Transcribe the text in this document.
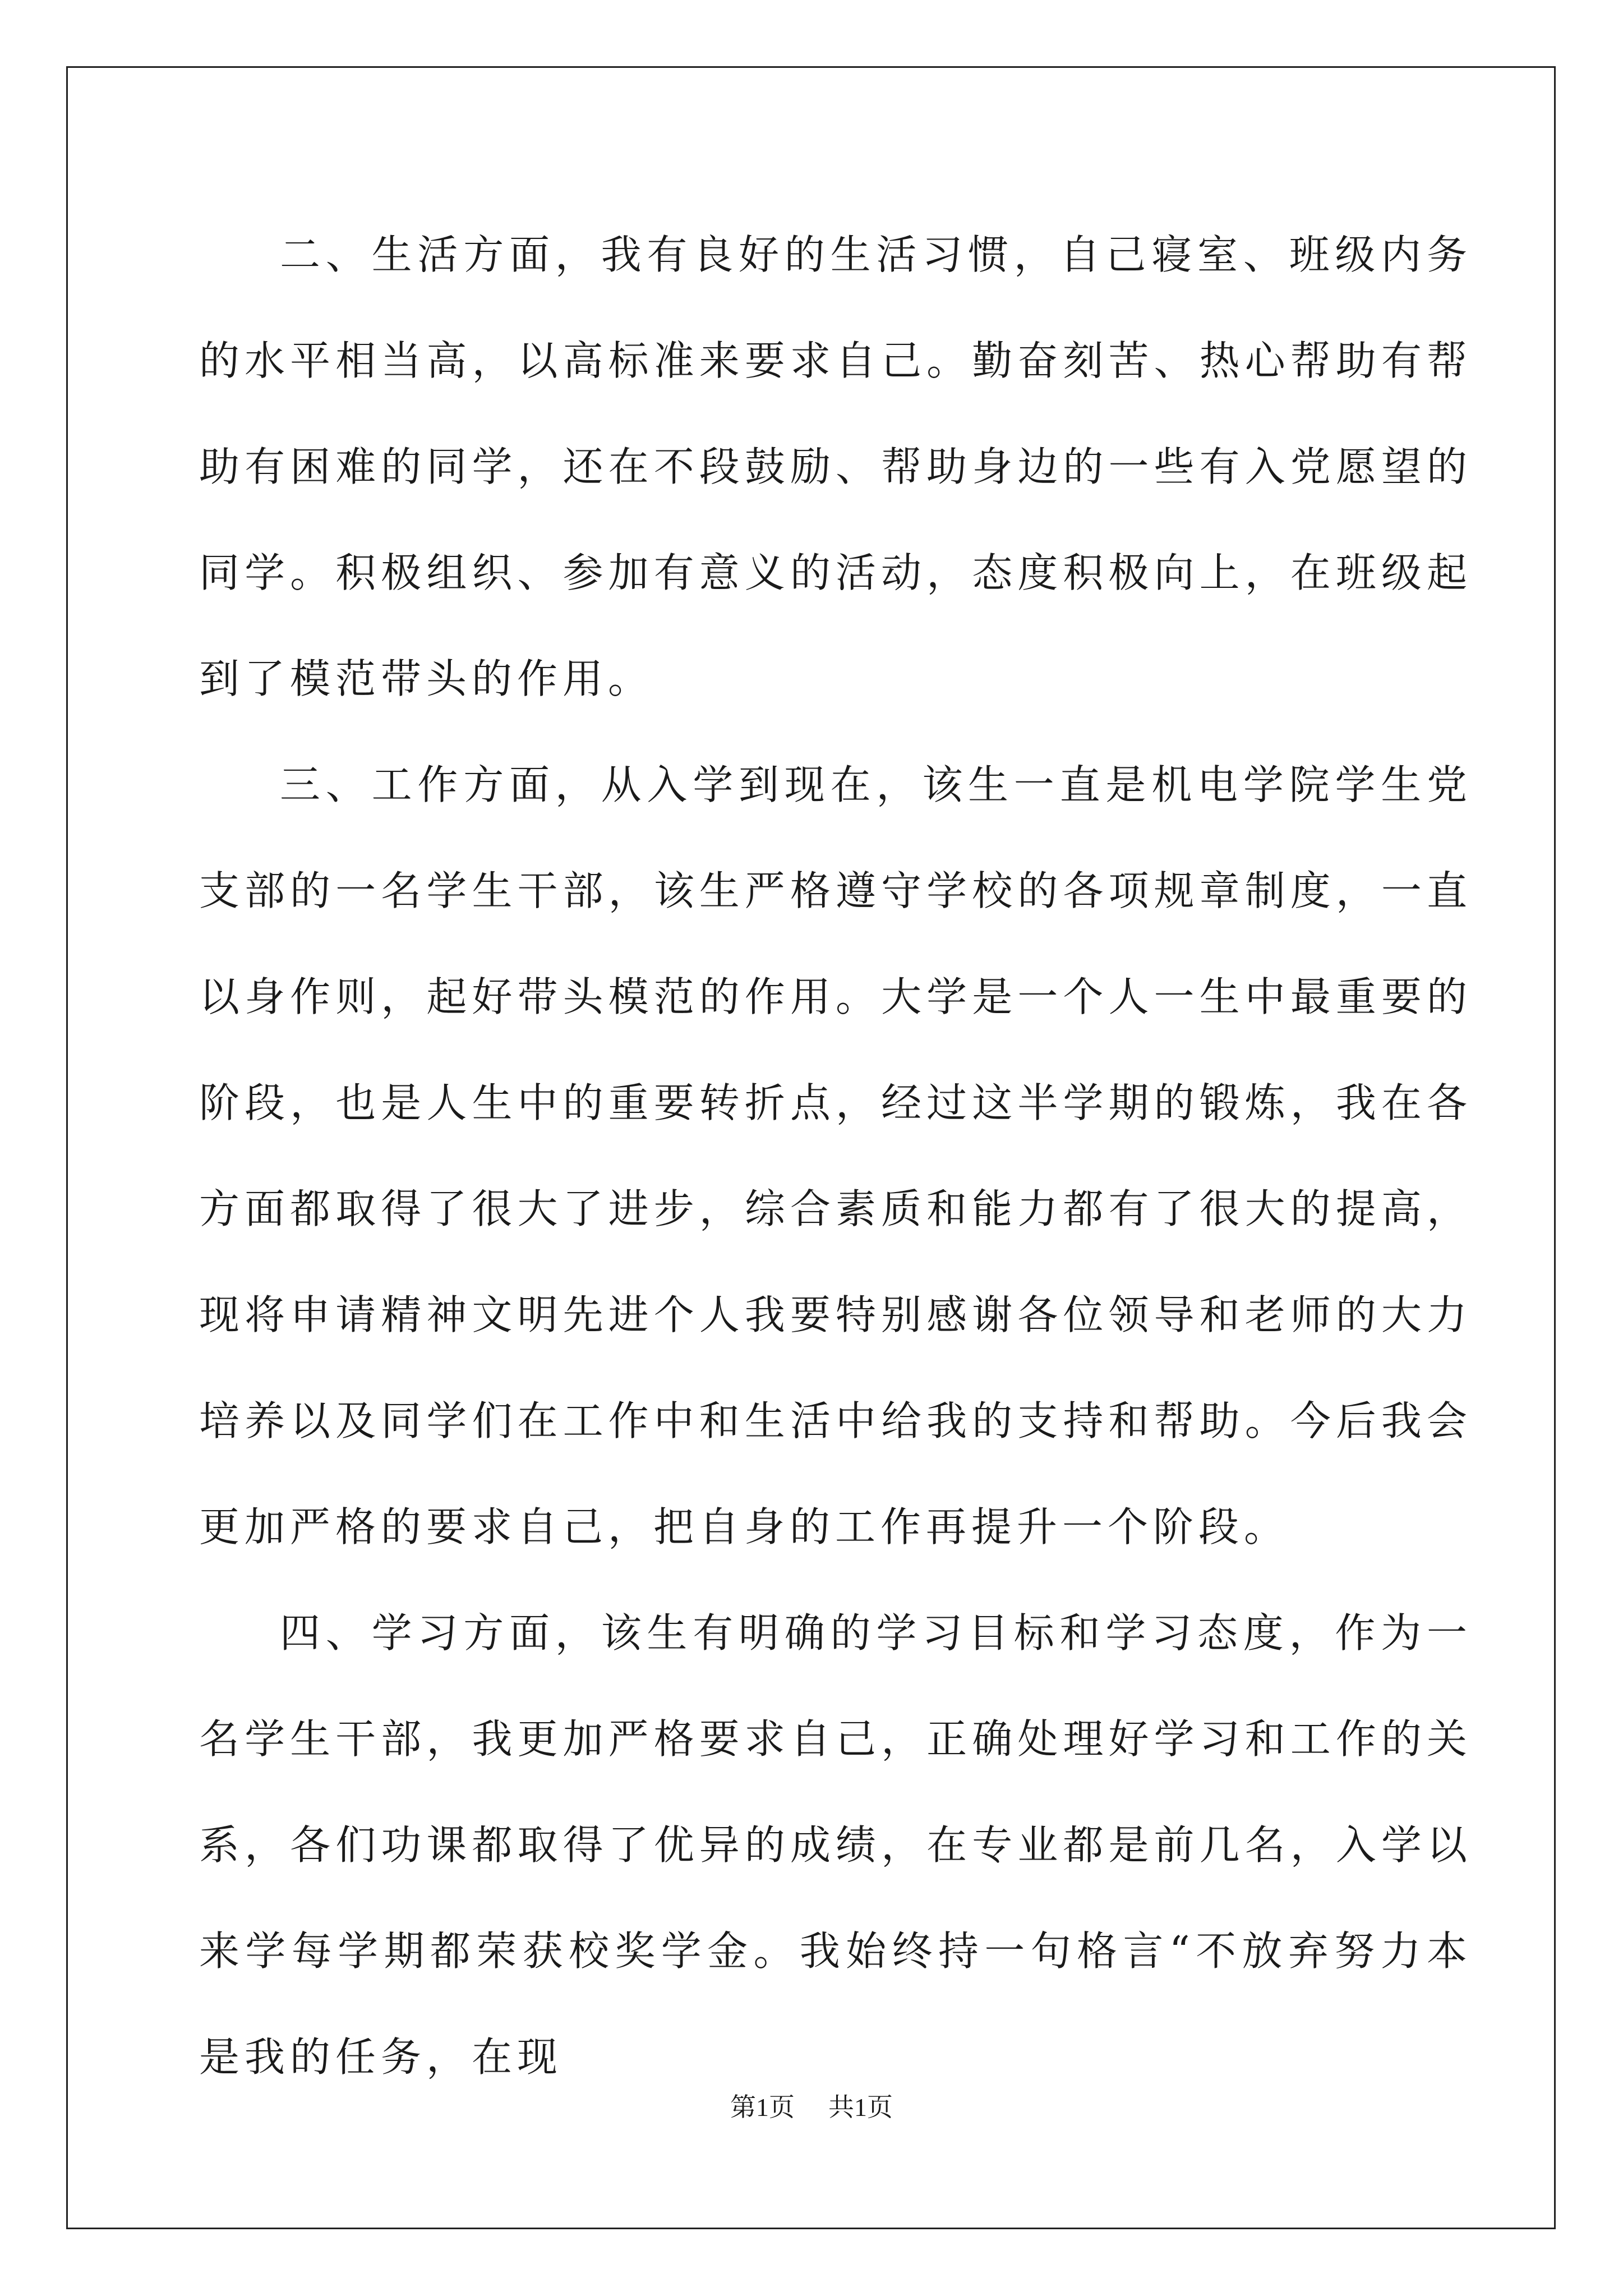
二、生活方面，我有良好的生活习惯，自己寝室、班级内务的水平相当高，以高标准来要求自己。勤奋刻苦、热心帮助有帮助有困难的同学，还在不段鼓励、帮助身边的一些有入党愿望的同学。积极组织、参加有意义的活动，态度积极向上，在班级起到了模范带头的作用。

三、工作方面，从入学到现在，该生一直是机电学院学生党支部的一名学生干部，该生严格遵守学校的各项规章制度，一直以身作则，起好带头模范的作用。大学是一个人一生中最重要的阶段，也是人生中的重要转折点，经过这半学期的锻炼，我在各方面都取得了很大了进步，综合素质和能力都有了很大的提高，现将申请精神文明先进个人我要特别感谢各位领导和老师的大力培养以及同学们在工作中和生活中给我的支持和帮助。今后我会更加严格的要求自己，把自身的工作再提升一个阶段。

四、学习方面，该生有明确的学习目标和学习态度，作为一名学生干部，我更加严格要求自己，正确处理好学习和工作的关系，各们功课都取得了优异的成绩，在专业都是前几名，入学以来学每学期都荣获校奖学金。我始终持一句格言“不放弃努力本是我的任务，在现

第1页 共1页
